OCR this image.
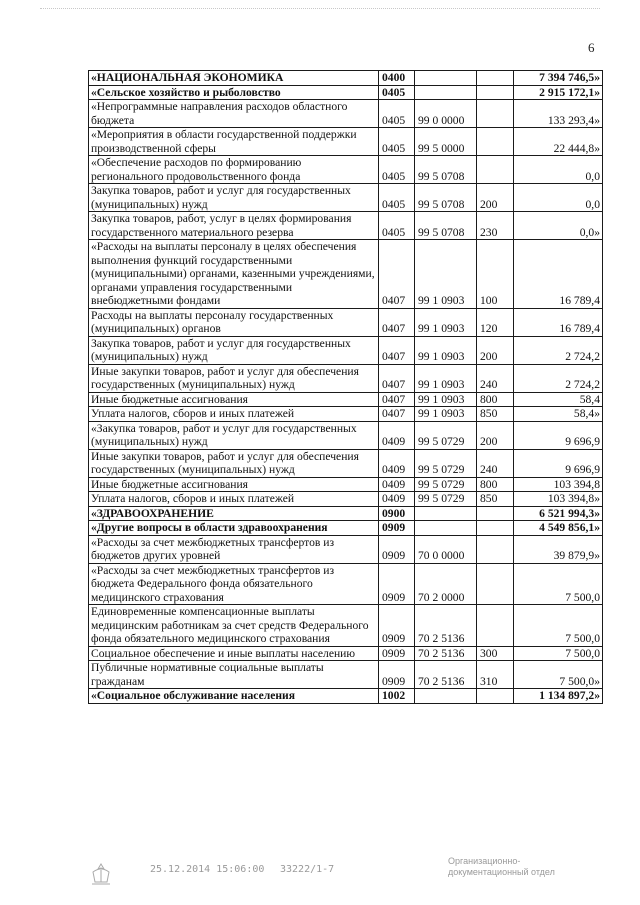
6
«НАЦИОНАЛЬНАЯ ЭКОНОМИКА	0400			7 394 746,5»
«Сельское хозяйство и рыболовство	0405			2 915 172,1»
«Непрограммные направления расходов областного бюджета	0405	99 0 0000		133 293,4»
«Мероприятия в области государственной поддержки производственной сферы	0405	99 5 0000		22 444,8»
«Обеспечение расходов по формированию регионального продовольственного фонда	0405	99 5 0708		0,0
Закупка товаров, работ и услуг для государственных (муниципальных) нужд	0405	99 5 0708	200	0,0
Закупка товаров, работ, услуг в целях формирования государственного материального резерва	0405	99 5 0708	230	0,0»
«Расходы на выплаты персоналу в целях обеспечения выполнения функций государственными (муниципальными) органами, казенными учреждениями, органами управления государственными внебюджетными фондами	0407	99 1 0903	100	16 789,4
Расходы на выплаты персоналу государственных (муниципальных) органов	0407	99 1 0903	120	16 789,4
Закупка товаров, работ и услуг для государственных (муниципальных) нужд	0407	99 1 0903	200	2 724,2
Иные закупки товаров, работ и услуг для обеспечения государственных (муниципальных) нужд	0407	99 1 0903	240	2 724,2
Иные бюджетные ассигнования	0407	99 1 0903	800	58,4
Уплата налогов, сборов и иных платежей	0407	99 1 0903	850	58,4»
«Закупка товаров, работ и услуг для государственных (муниципальных) нужд	0409	99 5 0729	200	9 696,9
Иные закупки товаров, работ и услуг для обеспечения государственных (муниципальных) нужд	0409	99 5 0729	240	9 696,9
Иные бюджетные ассигнования	0409	99 5 0729	800	103 394,8
Уплата налогов, сборов и иных платежей	0409	99 5 0729	850	103 394,8»
«ЗДРАВООХРАНЕНИЕ	0900			6 521 994,3»
«Другие вопросы в области здравоохранения	0909			4 549 856,1»
«Расходы за счет межбюджетных трансфертов из бюджетов других уровней	0909	70 0 0000		39 879,9»
«Расходы за счет межбюджетных трансфертов из бюджета Федерального фонда обязательного медицинского страхования	0909	70 2 0000		7 500,0
Единовременные компенсационные выплаты медицинским работникам за счет средств Федерального фонда обязательного медицинского страхования	0909	70 2 5136		7 500,0
Социальное обеспечение и иные выплаты населению	0909	70 2 5136	300	7 500,0
Публичные нормативные социальные выплаты гражданам	0909	70 2 5136	310	7 500,0»
«Социальное обслуживание населения	1002			1 134 897,2»
25.12.2014 15:06:00 33222/1-7
Организационно-
документационный отдел
